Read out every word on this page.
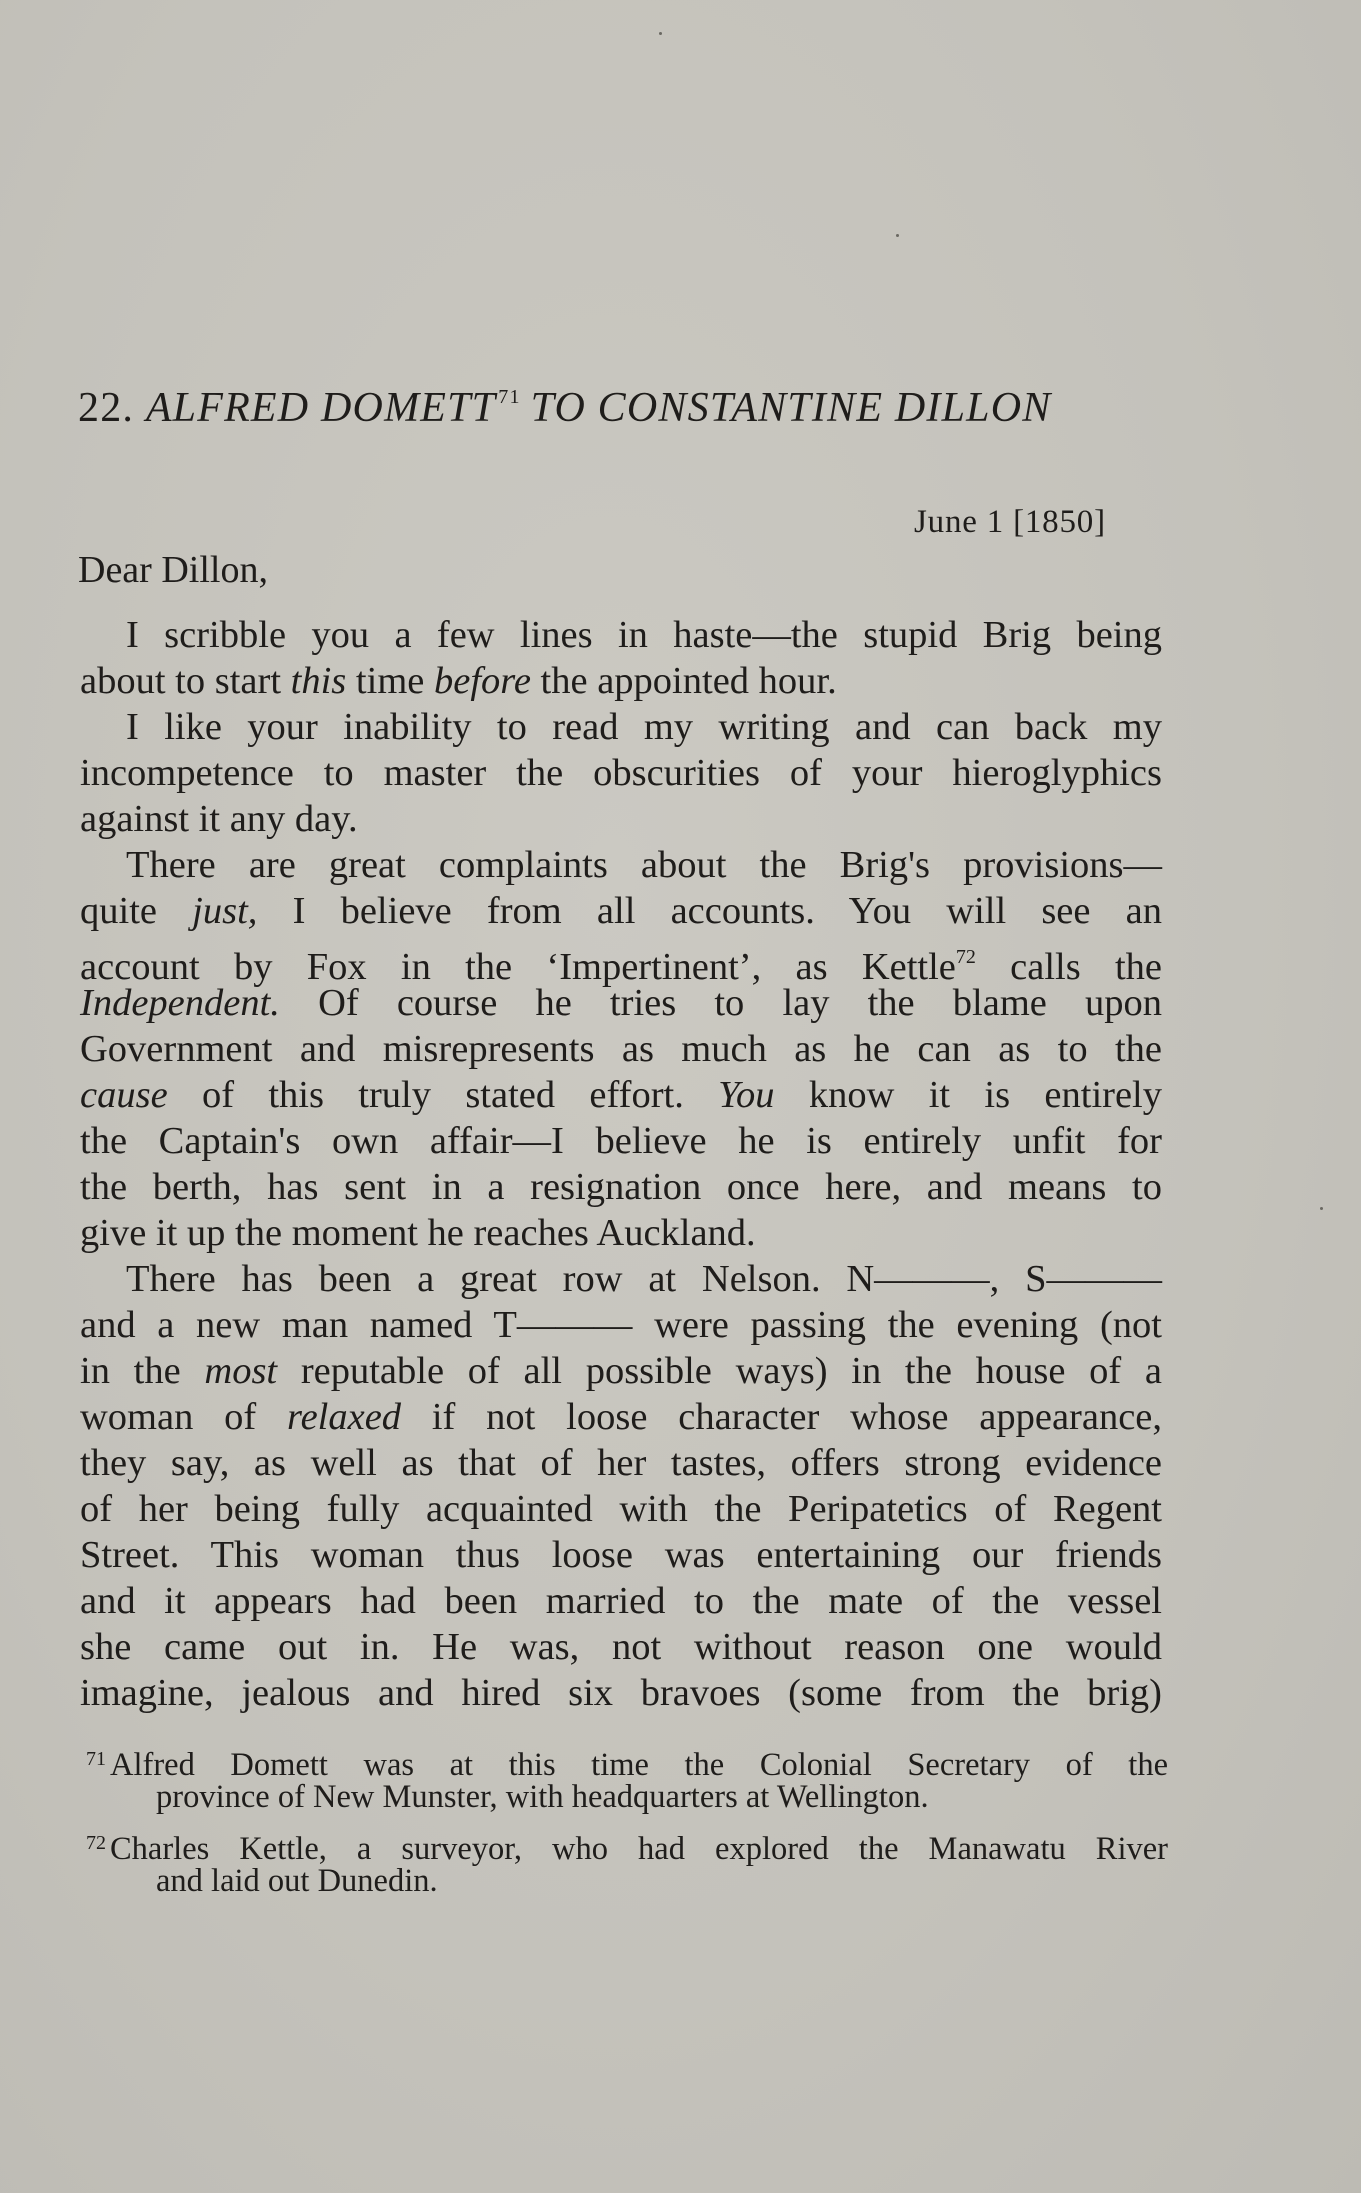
22. ALFRED DOMETT $^{71}$ TO CONSTANTINE DILLON
June 1 [1850]
Dear Dillon,
I scribble you a few lines in haste—the stupid Brig being
about to start this time before the appointed hour.
I like your inability to read my writing and can back my
incompetence to master the obscurities of your hieroglyphics
against it any day.
There are great complaints about the Brig's provisions—
quite just, I believe from all accounts. You will see an
account by Fox in the ‘Impertinent’, as Kettle$^{72}$ calls the
Independent. Of course he tries to lay the blame upon
Government and misrepresents as much as he can as to the
cause of this truly stated effort. You know it is entirely
the Captain's own affair—I believe he is entirely unfit for
the berth, has sent in a resignation once here, and means to
give it up the moment he reaches Auckland.
There has been a great row at Nelson. N———, S———
and a new man named T——— were passing the evening (not
in the most reputable of all possible ways) in the house of a
woman of relaxed if not loose character whose appearance,
they say, as well as that of her tastes, offers strong evidence
of her being fully acquainted with the Peripatetics of Regent
Street. This woman thus loose was entertaining our friends
and it appears had been married to the mate of the vessel
she came out in. He was, not without reason one would
imagine, jealous and hired six bravoes (some from the brig)
$^{71}$ Alfred Domett was at this time the Colonial Secretary of the
province of New Munster, with headquarters at Wellington.
$^{72}$ Charles Kettle, a surveyor, who had explored the Manawatu River
and laid out Dunedin.
